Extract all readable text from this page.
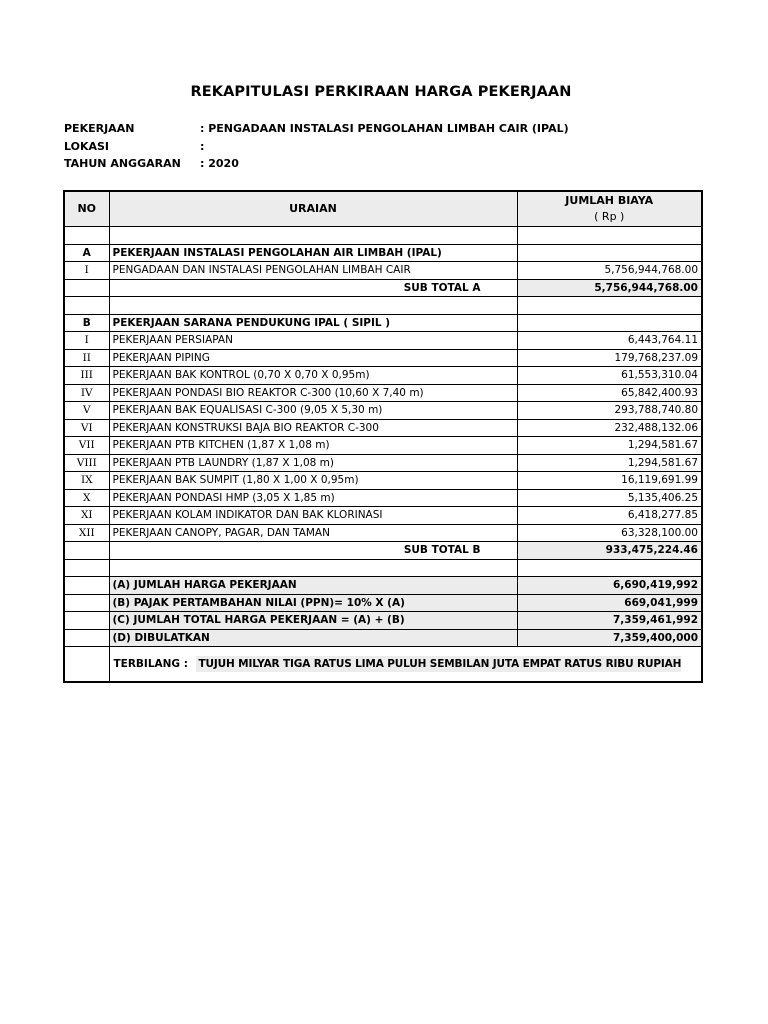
REKAPITULASI PERKIRAAN HARGA PEKERJAAN
PEKERJAAN	: PENGADAAN INSTALASI PENGOLAHAN LIMBAH CAIR (IPAL)
LOKASI	:
TAHUN ANGGARAN : 2020
NO	URAIAN	JUMLAH BIAYA
( Rp )

A	PEKERJAAN INSTALASI PENGOLAHAN AIR LIMBAH (IPAL)	
I	PENGADAAN DAN INSTALASI PENGOLAHAN LIMBAH CAIR	5,756,944,768.00
	SUB TOTAL A	5,756,944,768.00

B	PEKERJAAN SARANA PENDUKUNG IPAL ( SIPIL )	
I	PEKERJAAN PERSIAPAN	6,443,764.11
II	PEKERJAAN PIPING	179,768,237.09
III	PEKERJAAN BAK KONTROL (0,70 X 0,70 X 0,95m)	61,553,310.04
IV	PEKERJAAN PONDASI BIO REAKTOR C-300 (10,60 X 7,40 m)	65,842,400.93
V	PEKERJAAN BAK EQUALISASI C-300 (9,05 X 5,30 m)	293,788,740.80
VI	PEKERJAAN KONSTRUKSI BAJA BIO REAKTOR C-300	232,488,132.06
VII	PEKERJAAN PTB KITCHEN (1,87 X 1,08 m)	1,294,581.67
VIII	PEKERJAAN PTB LAUNDRY (1,87 X 1,08 m)	1,294,581.67
IX	PEKERJAAN BAK SUMPIT (1,80 X 1,00 X 0,95m)	16,119,691.99
X	PEKERJAAN PONDASI HMP (3,05 X 1,85 m)	5,135,406.25
XI	PEKERJAAN KOLAM INDIKATOR DAN BAK KLORINASI	6,418,277.85
XII	PEKERJAAN CANOPY, PAGAR, DAN TAMAN	63,328,100.00
	SUB TOTAL B	933,475,224.46

	(A) JUMLAH HARGA PEKERJAAN	6,690,419,992
	(B) PAJAK PERTAMBAHAN NILAI (PPN)= 10% X (A)	669,041,999
	(C) JUMLAH TOTAL HARGA PEKERJAAN = (A) + (B)	7,359,461,992
	(D) DIBULATKAN	7,359,400,000
	TERBILANG : TUJUH MILYAR TIGA RATUS LIMA PULUH SEMBILAN JUTA EMPAT RATUS RIBU RUPIAH	
